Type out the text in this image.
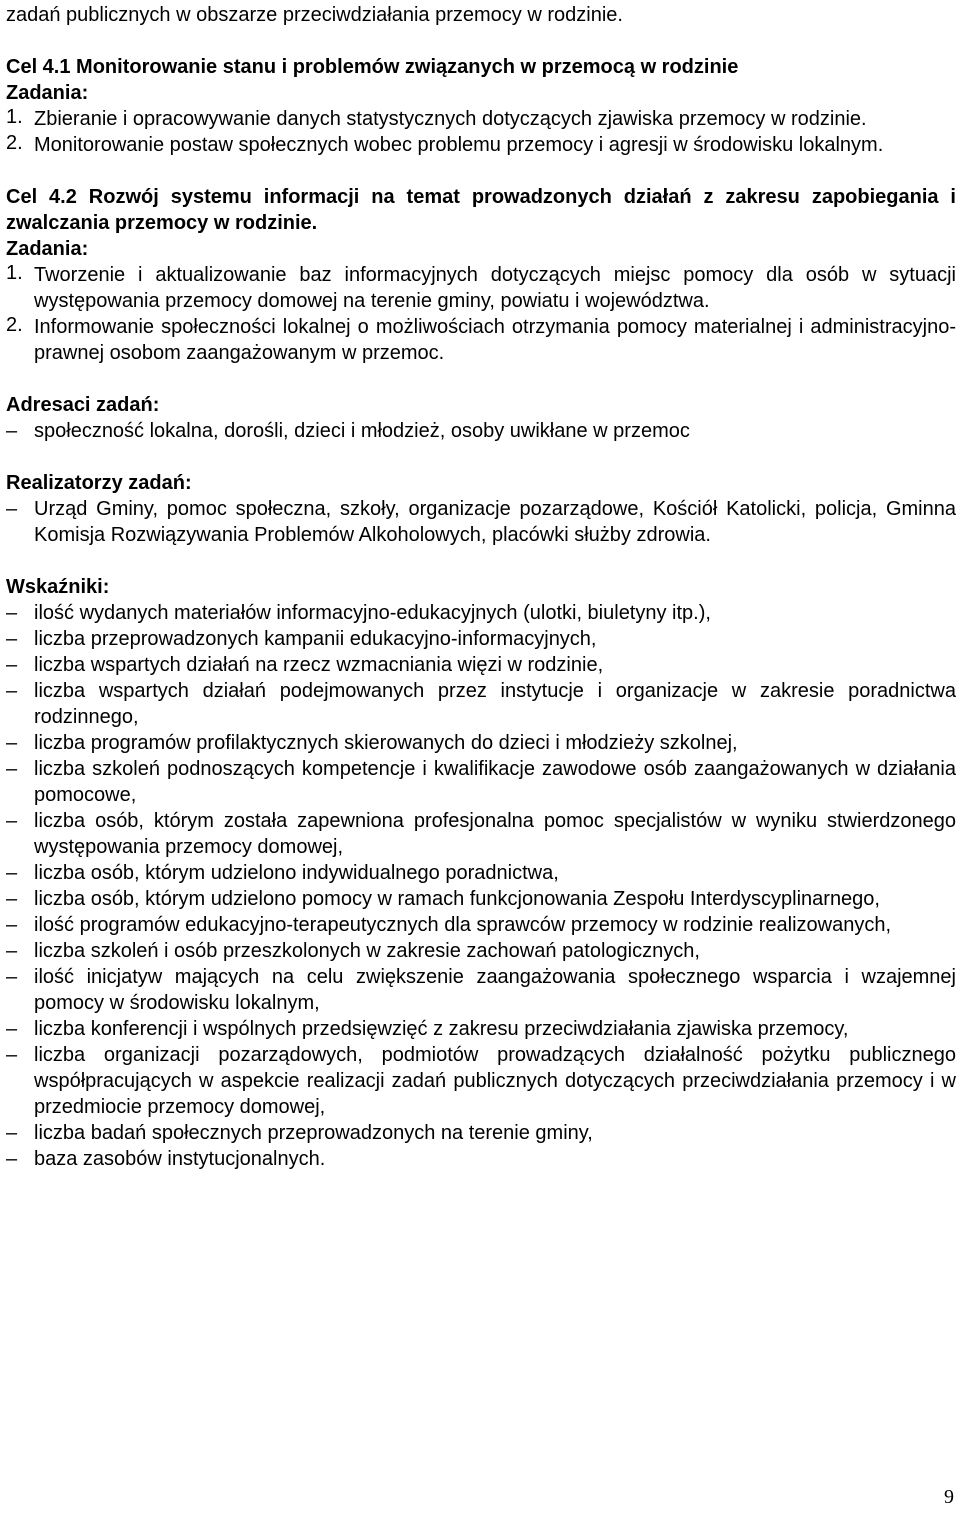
zadań publicznych w obszarze przeciwdziałania przemocy w rodzinie.

Cel 4.1 Monitorowanie stanu i problemów związanych w przemocą w rodzinie

Zadania:

1. Zbieranie i opracowywanie danych statystycznych dotyczących zjawiska przemocy w rodzinie.
2. Monitorowanie postaw społecznych wobec problemu przemocy i agresji w środowisku lokalnym.

Cel 4.2 Rozwój systemu informacji na temat prowadzonych działań z zakresu zapobiegania i zwalczania przemocy w rodzinie.

Zadania:

1. Tworzenie i aktualizowanie baz informacyjnych dotyczących miejsc pomocy dla osób w sytuacji występowania przemocy domowej na terenie gminy, powiatu i województwa.
2. Informowanie społeczności lokalnej o możliwościach otrzymania pomocy materialnej i administracyjno- prawnej osobom zaangażowanym w przemoc.

Adresaci zadań:

– społeczność lokalna, dorośli, dzieci i młodzież, osoby uwikłane w przemoc

Realizatorzy zadań:

– Urząd Gminy, pomoc społeczna, szkoły, organizacje pozarządowe, Kościół Katolicki, policja, Gminna Komisja Rozwiązywania Problemów Alkoholowych, placówki służby zdrowia.

Wskaźniki:

– ilość wydanych materiałów informacyjno-edukacyjnych (ulotki, biuletyny itp.),
– liczba przeprowadzonych kampanii edukacyjno-informacyjnych,
– liczba wspartych działań na rzecz wzmacniania więzi w rodzinie,
– liczba wspartych działań podejmowanych przez instytucje i organizacje w zakresie poradnictwa rodzinnego,
– liczba programów profilaktycznych skierowanych do dzieci i młodzieży szkolnej,
– liczba szkoleń podnoszących kompetencje i kwalifikacje zawodowe osób zaangażowanych w działania pomocowe,
– liczba osób, którym została zapewniona profesjonalna pomoc specjalistów w wyniku stwierdzonego występowania przemocy domowej,
– liczba osób, którym udzielono indywidualnego poradnictwa,
– liczba osób, którym udzielono pomocy w ramach funkcjonowania Zespołu Interdyscyplinarnego,
– ilość programów edukacyjno-terapeutycznych dla sprawców przemocy w rodzinie realizowanych,
– liczba szkoleń i osób przeszkolonych w zakresie zachowań patologicznych,
– ilość inicjatyw mających na celu zwiększenie zaangażowania społecznego wsparcia i wzajemnej pomocy w środowisku lokalnym,
– liczba konferencji i wspólnych przedsięwzięć z zakresu przeciwdziałania zjawiska przemocy,
– liczba organizacji pozarządowych, podmiotów prowadzących działalność pożytku publicznego współpracujących w aspekcie realizacji zadań publicznych dotyczących przeciwdziałania przemocy i w przedmiocie przemocy domowej,
– liczba badań społecznych przeprowadzonych na terenie gminy,
– baza zasobów instytucjonalnych.
9
